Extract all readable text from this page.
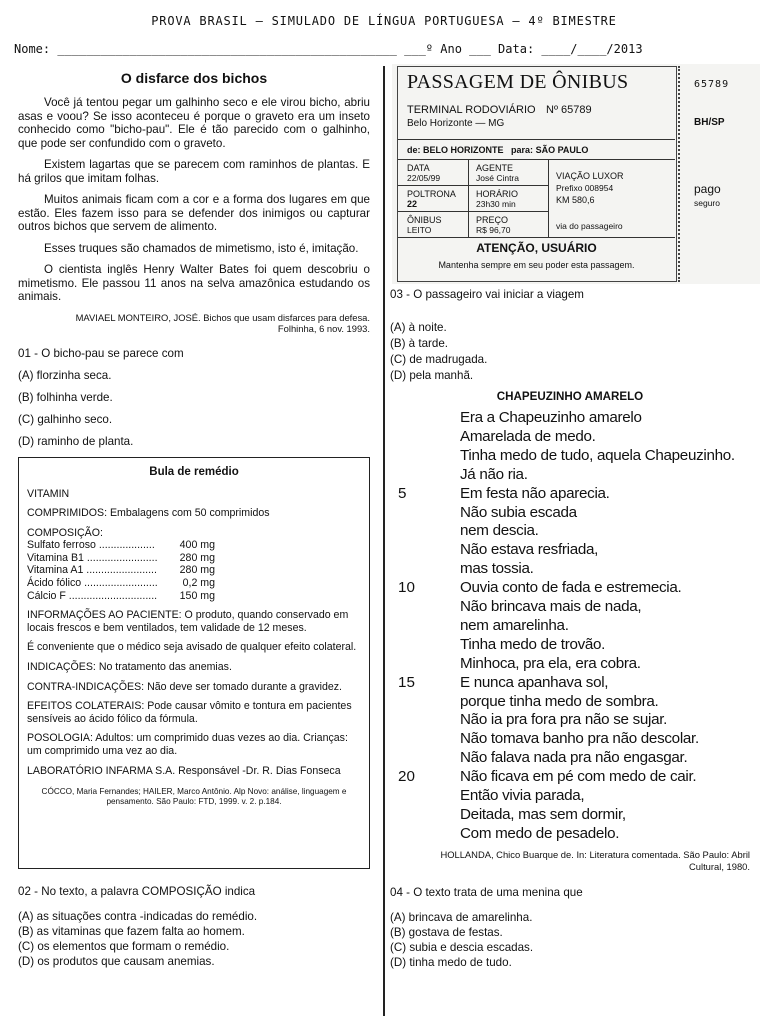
PROVA BRASIL – SIMULADO DE LÍNGUA PORTUGUESA – 4º BIMESTRE
Nome: _______________________________________________ ___º Ano ___ Data: ____/____/2013
O disfarce dos bichos

Você já tentou pegar um galhinho seco e ele virou bicho, abriu asas e voou? Se isso aconteceu é porque o graveto era um inseto conhecido como "bicho-pau". Ele é tão parecido com o galhinho, que pode ser confundido com o graveto.

Existem lagartas que se parecem com raminhos de plantas. E há grilos que imitam folhas.

Muitos animais ficam com a cor e a forma dos lugares em que estão. Eles fazem isso para se defender dos inimigos ou capturar outros bichos que servem de alimento.

Esses truques são chamados de mimetismo, isto é, imitação.

O cientista inglês Henry Walter Bates foi quem descobriu o mimetismo. Ele passou 11 anos na selva amazônica estudando os animais.

MAVIAEL MONTEIRO, JOSÉ. Bichos que usam disfarces para defesa.
Folhinha, 6 nov. 1993.
01 - O bicho-pau se parece com
(A) florzinha seca.
(B) folhinha verde.
(C) galhinho seco.
(D) raminho de planta.
Bula de remédio
VITAMIN
COMPRIMIDOS: Embalagens com 50 comprimidos
COMPOSIÇÃO:
Sulfato ferroso ................... 400 mg
Vitamina B1 ........................ 280 mg
Vitamina A1 ........................ 280 mg
Ácido fólico ......................... 0,2 mg
Cálcio F .............................. 150 mg
INFORMAÇÕES AO PACIENTE: O produto, quando conservado em locais frescos e bem ventilados, tem validade de 12 meses.
É conveniente que o médico seja avisado de qualquer efeito colateral.
INDICAÇÕES: No tratamento das anemias.
CONTRA-INDICAÇÕES: Não deve ser tomado durante a gravidez.
EFEITOS COLATERAIS: Pode causar vômito e tontura em pacientes sensíveis ao ácido fólico da fórmula.
POSOLOGIA: Adultos: um comprimido duas vezes ao dia. Crianças: um comprimido uma vez ao dia.
LABORATÓRIO INFARMA S.A. Responsável -Dr. R. Dias Fonseca
CÓCCO, Maria Fernandes; HAILER, Marco Antônio. Alp Novo: análise, linguagem e pensamento. São Paulo: FTD, 1999. v. 2. p.184.
02 - No texto, a palavra COMPOSIÇÃO indica
(A) as situações contra -indicadas do remédio.
(B) as vitaminas que fazem falta ao homem.
(C) os elementos que formam o remédio.
(D) os produtos que causam anemias.
PASSAGEM DE ÔNIBUS
TERMINAL RODOVIÁRIO Nº 65789
Belo Horizonte — MG
de: BELO HORIZONTE para: SÃO PAULO
DATA
22/05/99
AGENTE
José Cintra
POLTRONA
22
HORÁRIO
23h30 min
ÔNIBUS
LEITO
PREÇO
R$ 96,70
VIAÇÃO LUXOR
Prefixo 008954
KM 580,6
via do passageiro
ATENÇÃO, USUÁRIO
Mantenha sempre em seu poder esta passagem.
65789
BH/SP
pago
seguro
03 - O passageiro vai iniciar a viagem
(A) à noite.
(B) à tarde.
(C) de madrugada.
(D) pela manhã.
CHAPEUZINHO AMARELO
Era a Chapeuzinho amarelo
Amarelada de medo.
Tinha medo de tudo, aquela Chapeuzinho.
Já não ria.
Em festa não aparecia.
Não subia escada
nem descia.
Não estava resfriada,
mas tossia.
Ouvia conto de fada e estremecia.
Não brincava mais de nada,
nem amarelinha.
Tinha medo de trovão.
Minhoca, pra ela, era cobra.
E nunca apanhava sol,
porque tinha medo de sombra.
Não ia pra fora pra não se sujar.
Não tomava banho pra não descolar.
Não falava nada pra não engasgar.
Não ficava em pé com medo de cair.
Então vivia parada,
Deitada, mas sem dormir,
Com medo de pesadelo.
5
10
15
20
HOLLANDA, Chico Buarque de. In: Literatura comentada. São Paulo: Abril
Cultural, 1980.
04 - O texto trata de uma menina que
(A) brincava de amarelinha.
(B) gostava de festas.
(C) subia e descia escadas.
(D) tinha medo de tudo.
